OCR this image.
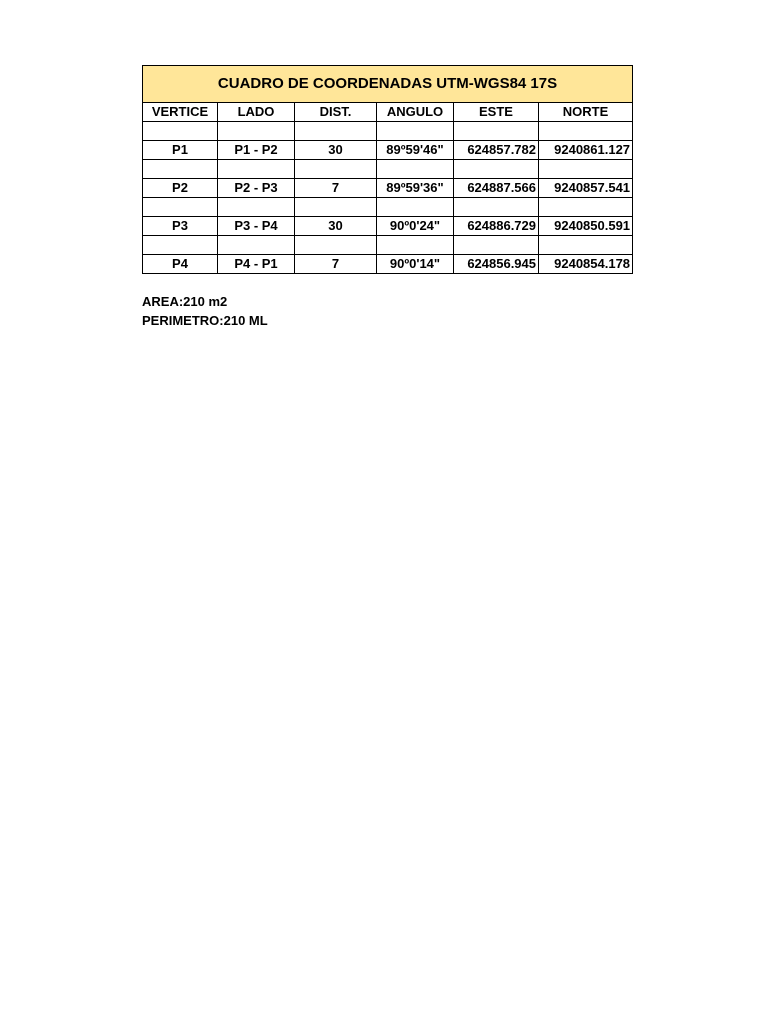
CUADRO DE COORDENADAS UTM-WGS84 17S					
VERTICE	LADO	DIST.	ANGULO	ESTE	NORTE

P1	P1 - P2	30	89º59'46"	624857.782	9240861.127

P2	P2 - P3	7	89º59'36"	624887.566	9240857.541

P3	P3 - P4	30	90º0'24"	624886.729	9240850.591

P4	P4 - P1	7	90º0'14"	624856.945	9240854.178
AREA:210 m2
PERIMETRO:210 ML
